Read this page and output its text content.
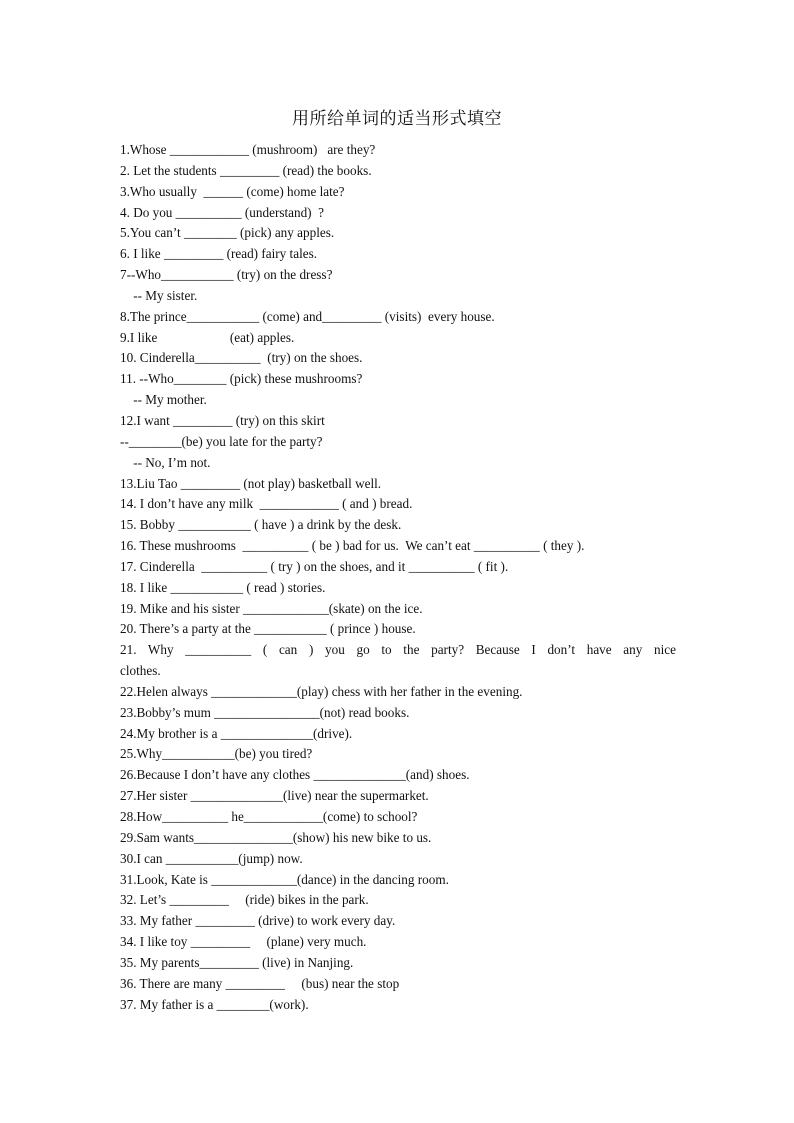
用所给单词的适当形式填空
1.Whose ____________ (mushroom)   are they?
2. Let the students _________ (read) the books.
3.Who usually  ______ (come) home late?
4. Do you __________ (understand)  ?
5.You can’t ________ (pick) any apples.
6. I like _________ (read) fairy tales.
7--Who___________ (try) on the dress?
-- My sister.
8.The prince___________ (come) and_________ (visits)  every house.
9.I like                      (eat) apples.
10. Cinderella__________  (try) on the shoes.
11. --Who________ (pick) these mushrooms?
-- My mother.
12.I want _________ (try) on this skirt
--________(be) you late for the party?
-- No, I’m not.
13.Liu Tao _________ (not play) basketball well.
14. I don’t have any milk  ____________ ( and ) bread.
15. Bobby ___________ ( have ) a drink by the desk.
16. These mushrooms  __________ ( be ) bad for us.  We can’t eat __________ ( they ).
17. Cinderella  __________ ( try ) on the shoes, and it __________ ( fit ).
18. I like ___________ ( read ) stories.
19. Mike and his sister _____________(skate) on the ice.
20. There’s a party at the ___________ ( prince ) house.
21. Why __________ ( can ) you go to the party? Because I don’t have any nice
clothes.
22.Helen always _____________(play) chess with her father in the evening.
23.Bobby’s mum ________________(not) read books.
24.My brother is a ______________(drive).
25.Why___________(be) you tired?
26.Because I don’t have any clothes ______________(and) shoes.
27.Her sister ______________(live) near the supermarket.
28.How__________ he____________(come) to school?
29.Sam wants_______________(show) his new bike to us.
30.I can ___________(jump) now.
31.Look, Kate is _____________(dance) in the dancing room.
32. Let’s _________     (ride) bikes in the park.
33. My father _________ (drive) to work every day.
34. I like toy _________     (plane) very much.
35. My parents_________ (live) in Nanjing.
36. There are many _________     (bus) near the stop
37. My father is a ________(work).
